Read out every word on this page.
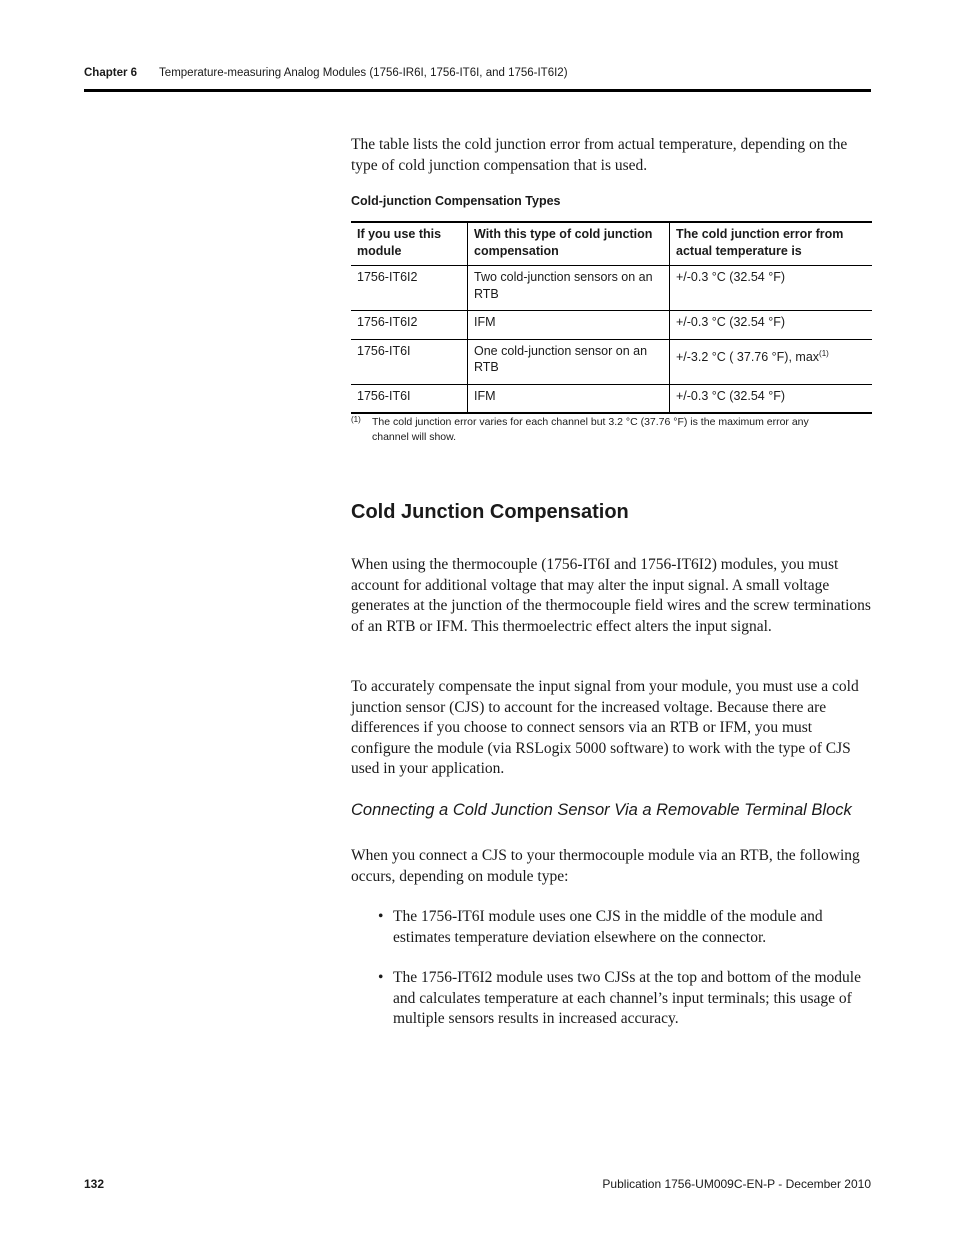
Chapter 6 Temperature-measuring Analog Modules (1756-IR6I, 1756-IT6I, and 1756-IT6I2)

The table lists the cold junction error from actual temperature, depending on the type of cold junction compensation that is used.

Cold-junction Compensation Types
If you use this module	With this type of cold junction compensation	The cold junction error from actual temperature is
1756-IT6I2	Two cold-junction sensors on an RTB	+/-0.3 °C (32.54 °F)
1756-IT6I2	IFM	+/-0.3 °C (32.54 °F)
1756-IT6I	One cold-junction sensor on an RTB	+/-3.2 °C ( 37.76 °F), $\max^{(1)}$
1756-IT6I	IFM	+/-0.3 °C (32.54 °F)
(1) The cold junction error varies for each channel but 3.2 °C (37.76 °F) is the maximum error any channel will show.
Cold Junction Compensation

When using the thermocouple (1756-IT6I and 1756-IT6I2) modules, you must account for additional voltage that may alter the input signal. A small voltage generates at the junction of the thermocouple field wires and the screw terminations of an RTB or IFM. This thermoelectric effect alters the input signal.

To accurately compensate the input signal from your module, you must use a cold junction sensor (CJS) to account for the increased voltage. Because there are differences if you choose to connect sensors via an RTB or IFM, you must configure the module (via RSLogix 5000 software) to work with the type of CJS used in your application.

Connecting a Cold Junction Sensor Via a Removable Terminal Block

When you connect a CJS to your thermocouple module via an RTB, the following occurs, depending on module type:

• The 1756-IT6I module uses one CJS in the middle of the module and estimates temperature deviation elsewhere on the connector.
• The 1756-IT6I2 module uses two CJSs at the top and bottom of the module and calculates temperature at each channel’s input terminals; this usage of multiple sensors results in increased accuracy.
132	Publication 1756-UM009C-EN-P - December 2010
